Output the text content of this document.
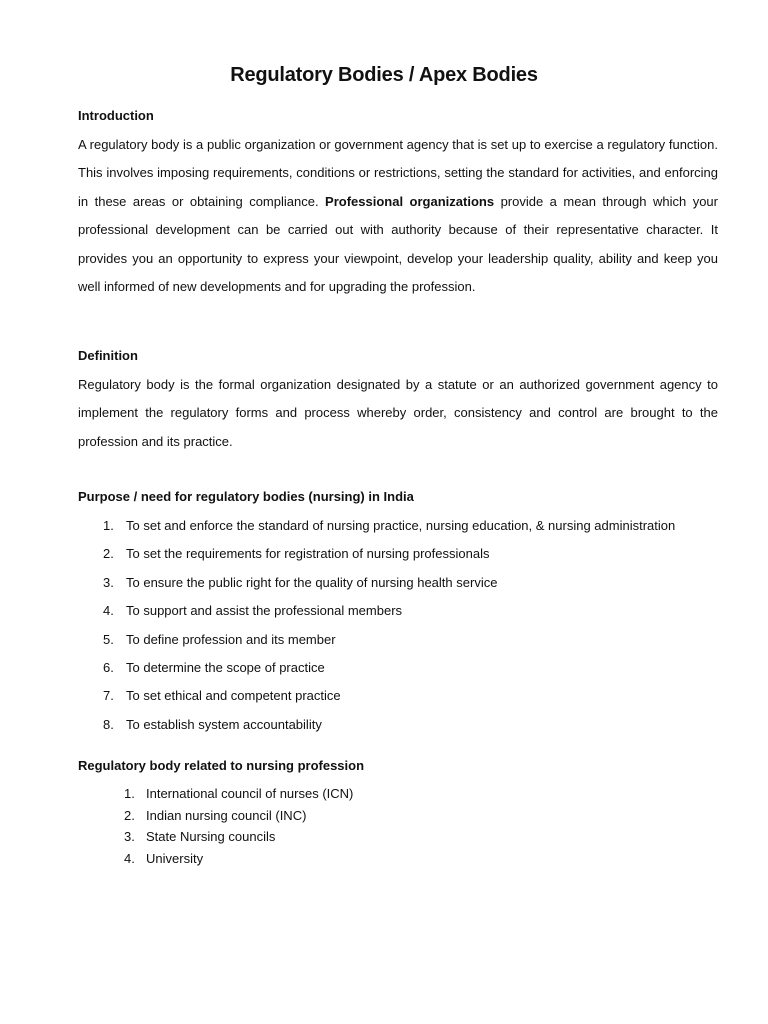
Regulatory Bodies / Apex Bodies
Introduction

A regulatory body is a public organization or government agency that is set up to exercise a regulatory function. This involves imposing requirements, conditions or restrictions, setting the standard for activities, and enforcing in these areas or obtaining compliance. Professional organizations provide a mean through which your professional development can be carried out with authority because of their representative character. It provides you an opportunity to express your viewpoint, develop your leadership quality, ability and keep you well informed of new developments and for upgrading the profession.

Definition

Regulatory body is the formal organization designated by a statute or an authorized government agency to implement the regulatory forms and process whereby order, consistency and control are brought to the profession and its practice.

Purpose / need for regulatory bodies (nursing) in India
1. To set and enforce the standard of nursing practice, nursing education, & nursing administration
2. To set the requirements for registration of nursing professionals
3. To ensure the public right for the quality of nursing health service
4. To support and assist the professional members
5. To define profession and its member
6. To determine the scope of practice
7. To set ethical and competent practice
8. To establish system accountability
Regulatory body related to nursing profession
1. International council of nurses (ICN)
2. Indian nursing council (INC)
3. State Nursing councils
4. University
